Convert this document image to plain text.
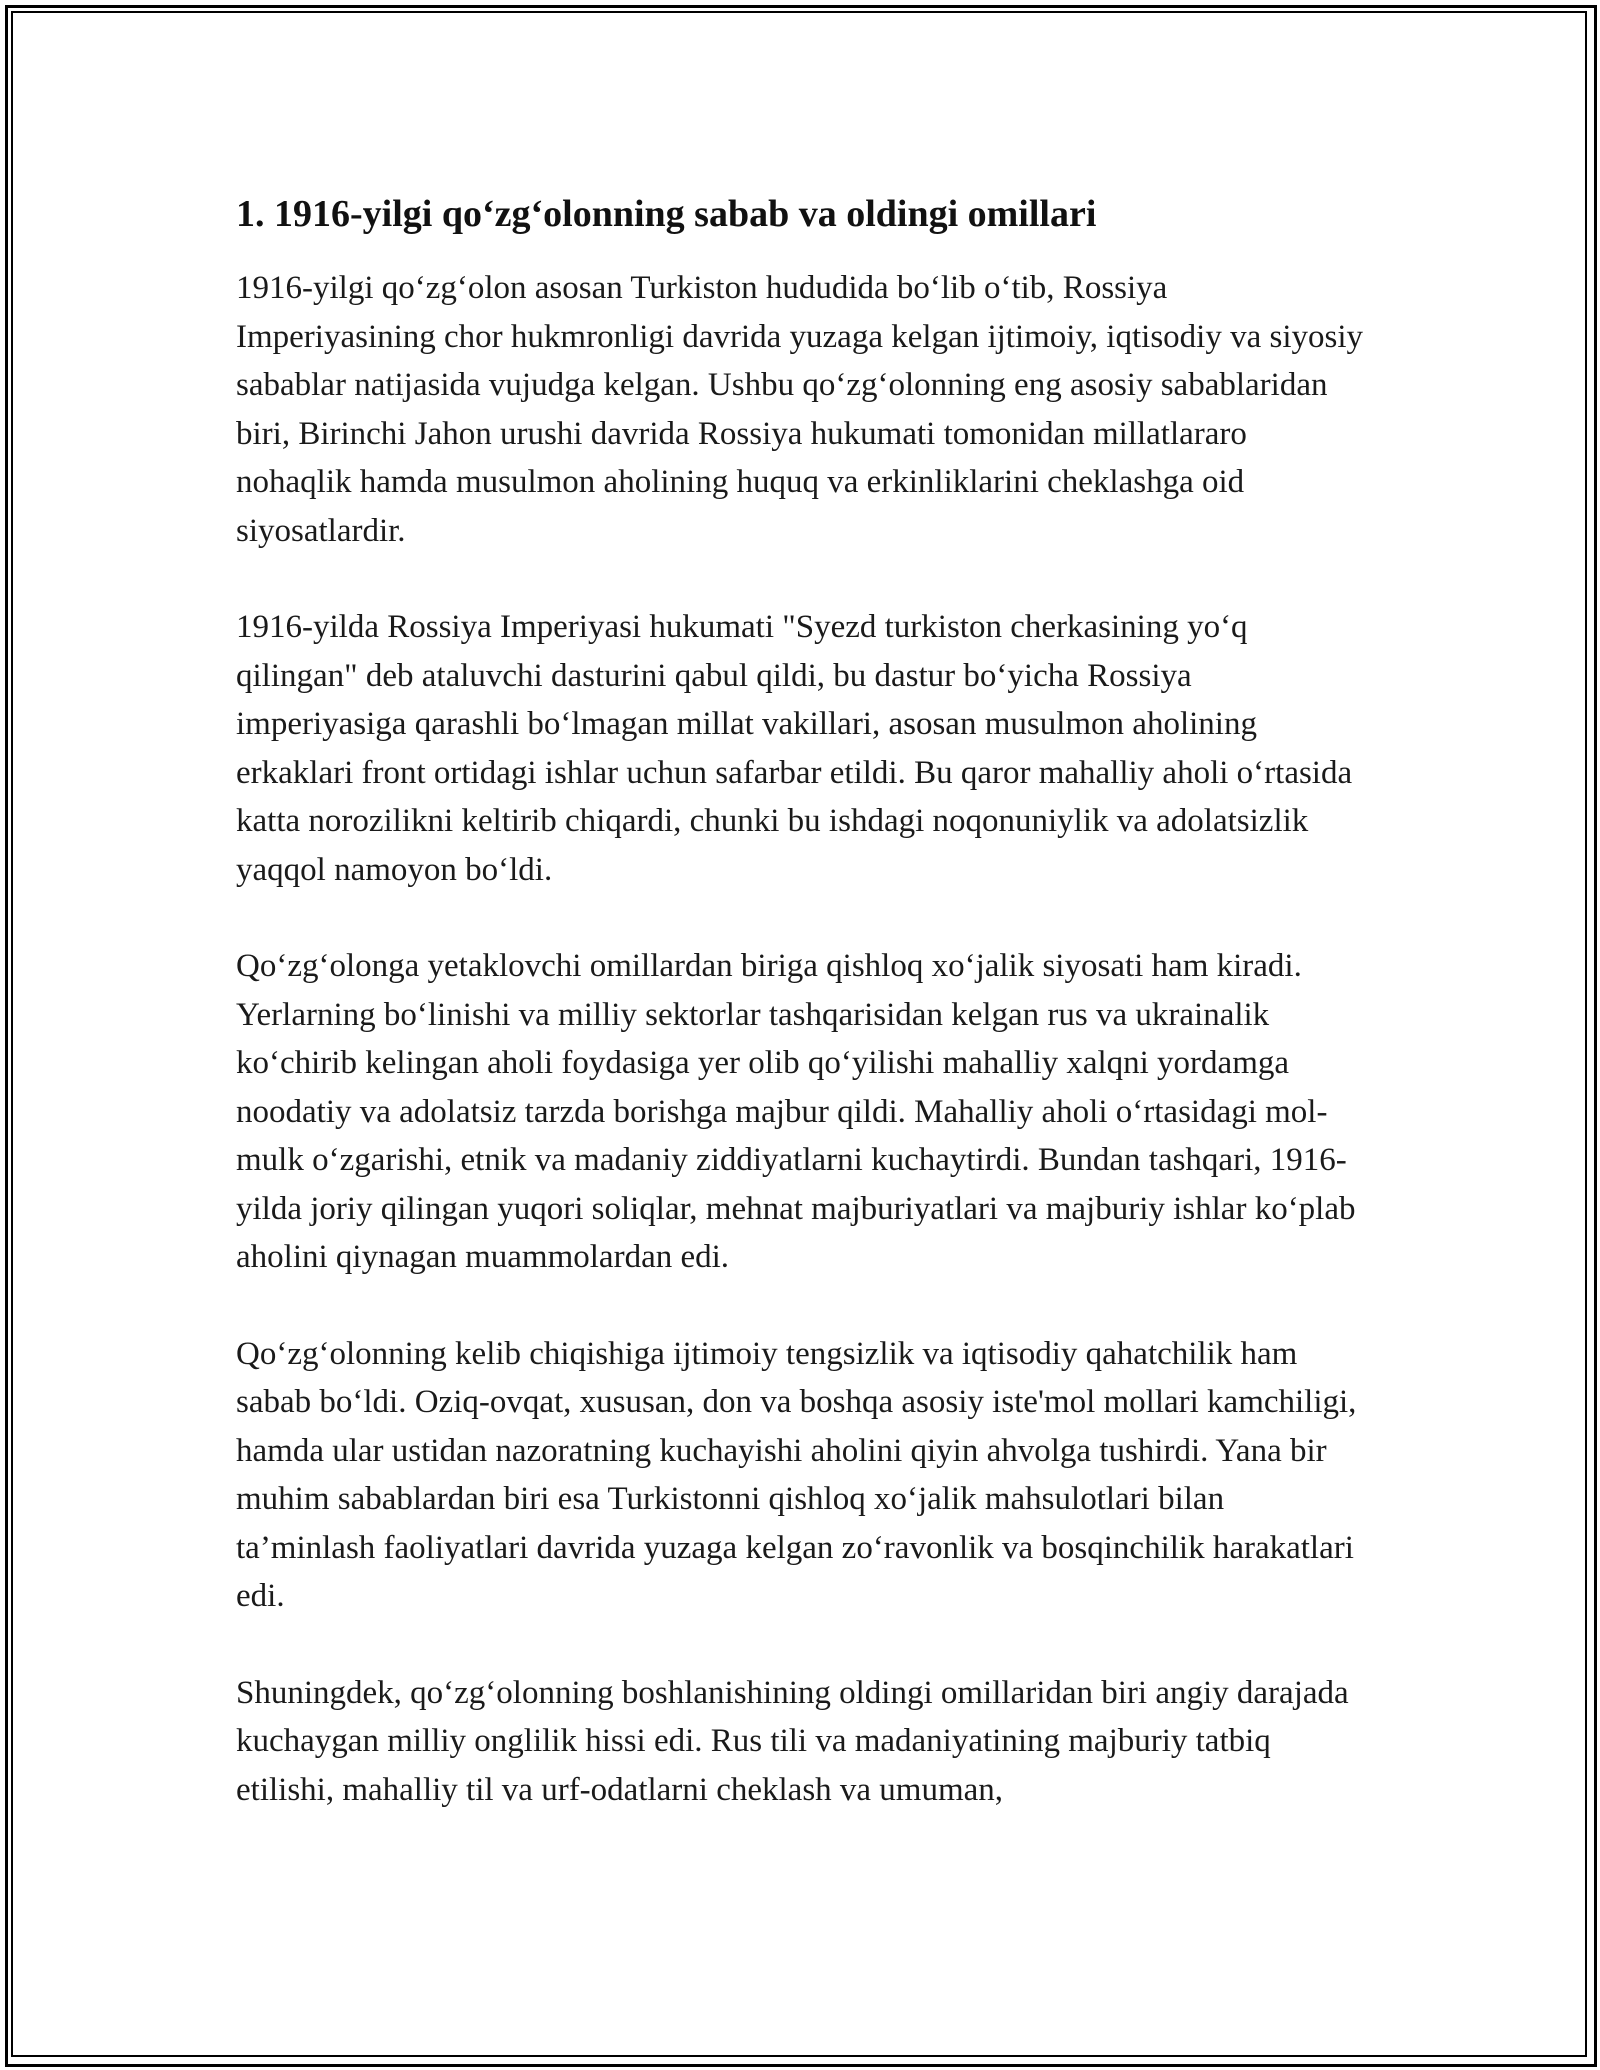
1. 1916-yilgi qo‘zg‘olonning sabab va oldingi omillari

1916-yilgi qo‘zg‘olon asosan Turkiston hududida bo‘lib o‘tib, Rossiya Imperiyasining chor hukmronligi davrida yuzaga kelgan ijtimoiy, iqtisodiy va siyosiy sabablar natijasida vujudga kelgan. Ushbu qo‘zg‘olonning eng asosiy sabablaridan biri, Birinchi Jahon urushi davrida Rossiya hukumati tomonidan millatlararo nohaqlik hamda musulmon aholining huquq va erkinliklarini cheklashga oid siyosatlardir.

1916-yilda Rossiya Imperiyasi hukumati "Syezd turkiston cherkasining yo‘q qilingan" deb ataluvchi dasturini qabul qildi, bu dastur bo‘yicha Rossiya imperiyasiga qarashli bo‘lmagan millat vakillari, asosan musulmon aholining erkaklari front ortidagi ishlar uchun safarbar etildi. Bu qaror mahalliy aholi o‘rtasida katta norozilikni keltirib chiqardi, chunki bu ishdagi noqonuniylik va adolatsizlik yaqqol namoyon bo‘ldi.

Qo‘zg‘olonga yetaklovchi omillardan biriga qishloq xo‘jalik siyosati ham kiradi. Yerlarning bo‘linishi va milliy sektorlar tashqarisidan kelgan rus va ukrainalik ko‘chirib kelingan aholi foydasiga yer olib qo‘yilishi mahalliy xalqni yordamga noodatiy va adolatsiz tarzda borishga majbur qildi. Mahalliy aholi o‘rtasidagi mol-mulk o‘zgarishi, etnik va madaniy ziddiyatlarni kuchaytirdi. Bundan tashqari, 1916-yilda joriy qilingan yuqori soliqlar, mehnat majburiyatlari va majburiy ishlar ko‘plab aholini qiynagan muammolardan edi.

Qo‘zg‘olonning kelib chiqishiga ijtimoiy tengsizlik va iqtisodiy qahatchilik ham sabab bo‘ldi. Oziq-ovqat, xususan, don va boshqa asosiy iste'mol mollari kamchiligi, hamda ular ustidan nazoratning kuchayishi aholini qiyin ahvolga tushirdi. Yana bir muhim sabablardan biri esa Turkistonni qishloq xo‘jalik mahsulotlari bilan ta’minlash faoliyatlari davrida yuzaga kelgan zo‘ravonlik va bosqinchilik harakatlari edi.

Shuningdek, qo‘zg‘olonning boshlanishining oldingi omillaridan biri angiy darajada kuchaygan milliy onglilik hissi edi. Rus tili va madaniyatining majburiy tatbiq etilishi, mahalliy til va urf-odatlarni cheklash va umuman,
